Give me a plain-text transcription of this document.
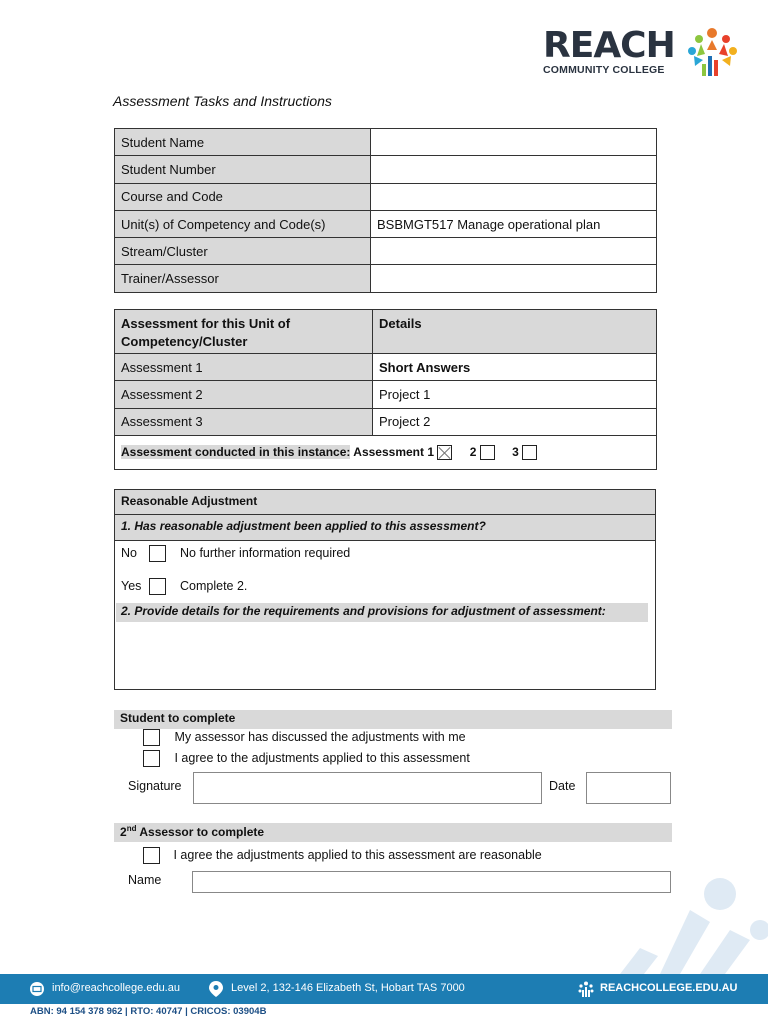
REACH
COMMUNITY COLLEGE
Assessment Tasks and Instructions
Student Name	
Student Number	
Course and Code	
Unit(s) of Competency and Code(s)	BSBMGT517 Manage operational plan
Stream/Cluster	
Trainer/Assessor	
Assessment for this Unit of Competency/Cluster	Details
Assessment 1	Short Answers
Assessment 2	Project 1
Assessment 3	Project 2
Assessment conducted in this instance: Assessment 1 2 3	
Reasonable Adjustment
1. Has reasonable adjustment been applied to this assessment?
No	No further information required
Yes	Complete 2.
2. Provide details for the requirements and provisions for adjustment of assessment:
Student to complete
My assessor has discussed the adjustments with me
I agree to the adjustments applied to this assessment
Signature	Date
2nd Assessor to complete
I agree the adjustments applied to this assessment are reasonable
Name
info@reachcollege.edu.au	Level 2, 132-146 Elizabeth St, Hobart TAS 7000	REACHCOLLEGE.EDU.AU
ABN: 94 154 378 962 | RTO: 40747 | CRICOS: 03904B
